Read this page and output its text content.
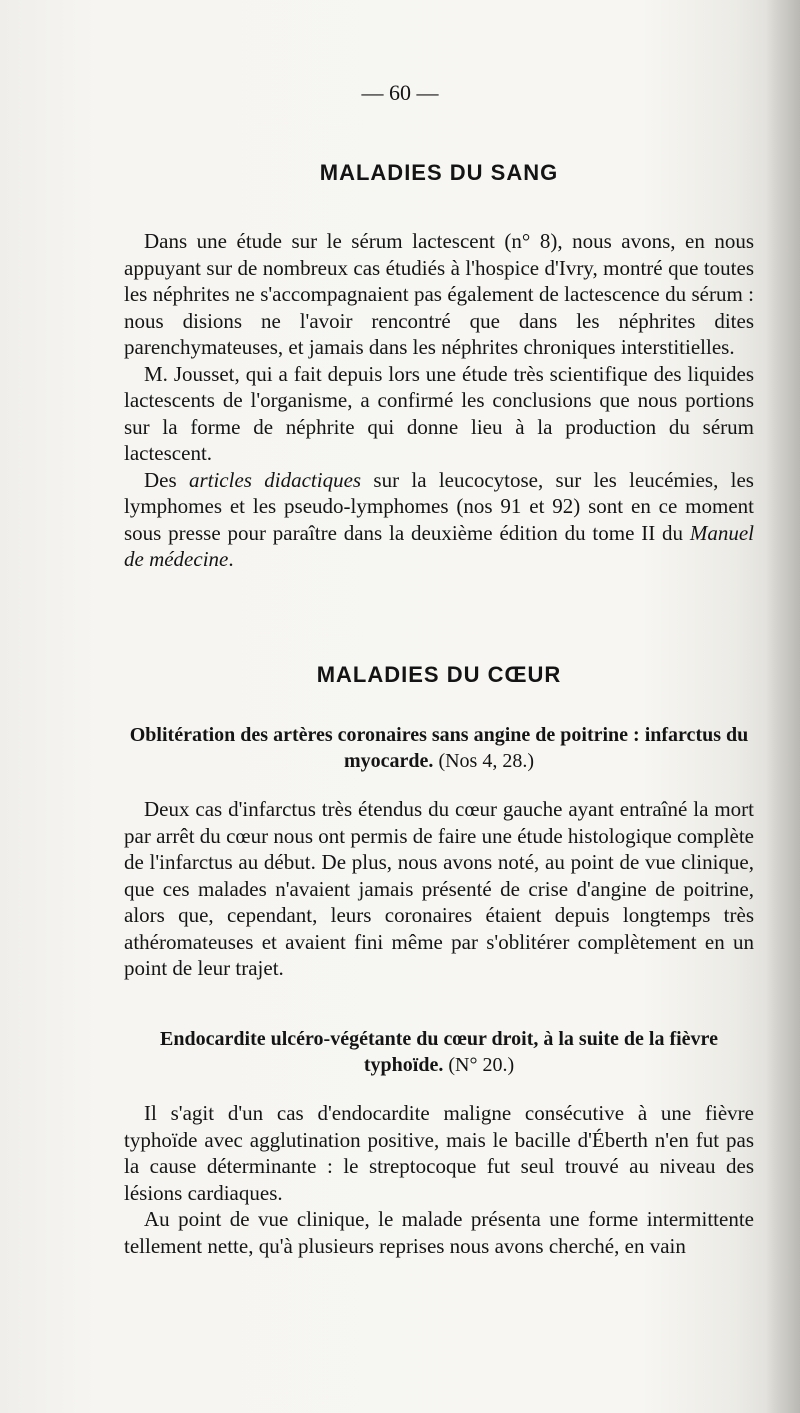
— 60 —
MALADIES DU SANG

Dans une étude sur le sérum lactescent (n° 8), nous avons, en nous appuyant sur de nombreux cas étudiés à l'hospice d'Ivry, montré que toutes les néphrites ne s'accompagnaient pas également de lactescence du sérum : nous disions ne l'avoir rencontré que dans les néphrites dites parenchymateuses, et jamais dans les néphrites chroniques interstitielles.

M. Jousset, qui a fait depuis lors une étude très scientifique des liquides lactescents de l'organisme, a confirmé les conclusions que nous portions sur la forme de néphrite qui donne lieu à la production du sérum lactescent.

Des articles didactiques sur la leucocytose, sur les leucémies, les lymphomes et les pseudo-lymphomes (nos 91 et 92) sont en ce moment sous presse pour paraître dans la deuxième édition du tome II du Manuel de médecine.

MALADIES DU CŒUR
Oblitération des artères coronaires sans angine de poitrine : infarctus du myocarde. (Nos 4, 28.)

Deux cas d'infarctus très étendus du cœur gauche ayant entraîné la mort par arrêt du cœur nous ont permis de faire une étude histologique complète de l'infarctus au début. De plus, nous avons noté, au point de vue clinique, que ces malades n'avaient jamais présenté de crise d'angine de poitrine, alors que, cependant, leurs coronaires étaient depuis longtemps très athéromateuses et avaient fini même par s'oblitérer complètement en un point de leur trajet.

Endocardite ulcéro-végétante du cœur droit, à la suite de la fièvre typhoïde. (N° 20.)

Il s'agit d'un cas d'endocardite maligne consécutive à une fièvre typhoïde avec agglutination positive, mais le bacille d'Éberth n'en fut pas la cause déterminante : le streptocoque fut seul trouvé au niveau des lésions cardiaques.

Au point de vue clinique, le malade présenta une forme intermittente tellement nette, qu'à plusieurs reprises nous avons cherché, en vain
